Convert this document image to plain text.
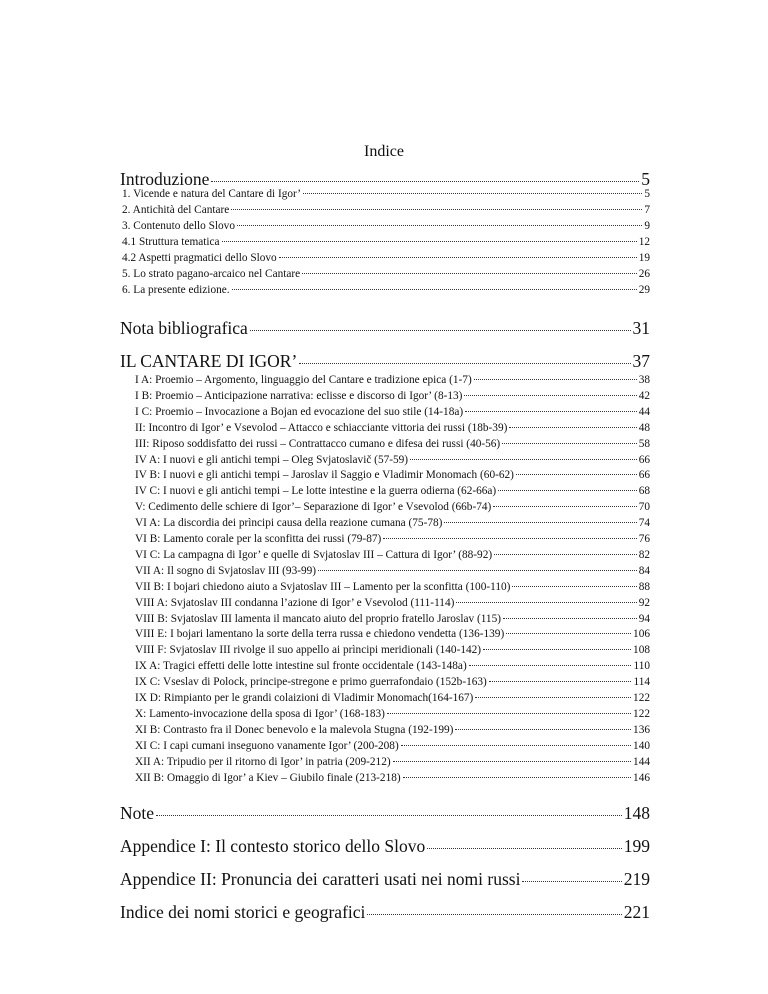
Indice
Introduzione	5
1. Vicende e natura del Cantare di Igor’	5
2. Antichità del Cantare	7
3. Contenuto dello Slovo	9
4.1 Struttura tematica	12
4.2 Aspetti pragmatici dello Slovo	19
5. Lo strato pagano-arcaico nel Cantare	26
6. La presente edizione.	29
Nota bibliografica	31
IL CANTARE DI IGOR’	37
I A: Proemio – Argomento, linguaggio del Cantare e tradizione epica (1-7)	38
I B: Proemio – Anticipazione narrativa: eclisse e discorso di Igor’ (8-13)	42
I C: Proemio – Invocazione a Bojan ed evocazione del suo stile (14-18a)	44
II: Incontro di Igor’ e Vsevolod – Attacco e schiacciante vittoria dei russi (18b-39)	48
III: Riposo soddisfatto dei russi – Contrattacco cumano e difesa dei russi (40-56)	58
IV A: I nuovi e gli antichi tempi – Oleg Svjatoslavič (57-59)	66
IV B: I nuovi e gli antichi tempi – Jaroslav il Saggio e Vladimir Monomach (60-62)	66
IV C: I nuovi e gli antichi tempi – Le lotte intestine e la guerra odierna (62-66a)	68
V: Cedimento delle schiere di Igor’– Separazione di Igor’ e Vsevolod (66b-74)	70
VI A: La discordia dei prìncipi causa della reazione cumana (75-78)	74
VI B: Lamento corale per la sconfitta dei russi (79-87)	76
VI C: La campagna di Igor’ e quelle di Svjatoslav III – Cattura di Igor’ (88-92)	82
VII A: Il sogno di Svjatoslav III (93-99)	84
VII B: I bojari chiedono aiuto a Svjatoslav III – Lamento per la sconfitta (100-110)	88
VIII A: Svjatoslav III condanna l’azione di Igor’ e Vsevolod (111-114)	92
VIII B: Svjatoslav III lamenta il mancato aiuto del proprio fratello Jaroslav (115)	94
VIII E: I bojari lamentano la sorte della terra russa e chiedono vendetta (136-139)	106
VIII F: Svjatoslav III rivolge il suo appello ai prìncipi meridionali (140-142)	108
IX A: Tragici effetti delle lotte intestine sul fronte occidentale (143-148a)	110
IX C: Vseslav di Polock, principe-stregone e primo guerrafondaio (152b-163)	114
IX D: Rimpianto per le grandi colaizioni di Vladimir Monomach(164-167)	122
X: Lamento-invocazione della sposa di Igor’ (168-183)	122
XI B: Contrasto fra il Donec benevolo e la malevola Stugna (192-199)	136
XI C: I capi cumani inseguono vanamente Igor’ (200-208)	140
XII A: Tripudio per il ritorno di Igor’ in patria (209-212)	144
XII B: Omaggio di Igor’ a Kiev – Giubilo finale (213-218)	146
Note	148
Appendice I: Il contesto storico dello Slovo	199
Appendice II: Pronuncia dei caratteri usati nei nomi russi	219
Indice dei nomi storici e geografici	221
